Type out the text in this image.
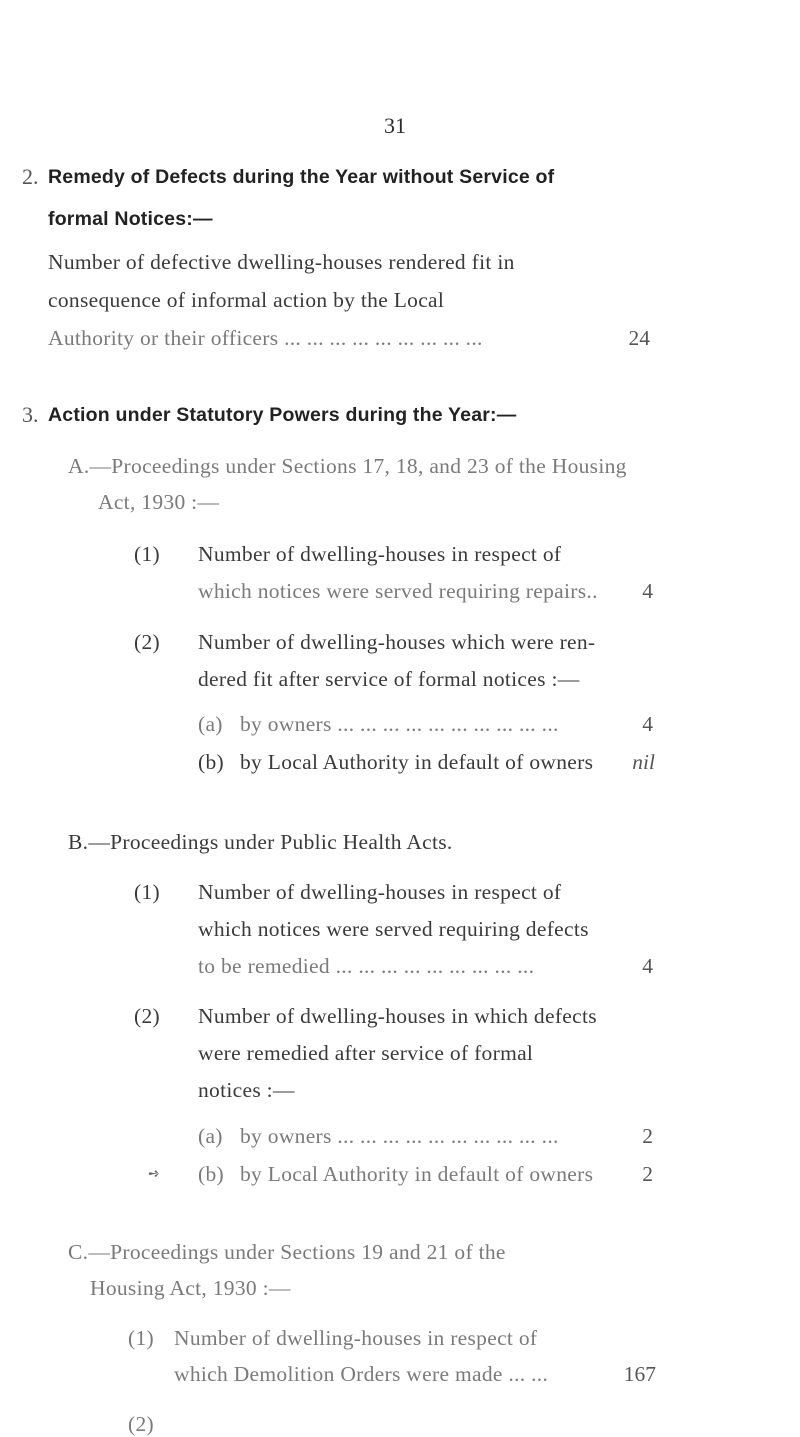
31
2. Remedy of Defects during the Year without Service of
formal Notices:—
Number of defective dwelling-houses rendered fit in
consequence of informal action by the Local
Authority or their officers ... ... ... ... ... ... ... ... ...	24
3. Action under Statutory Powers during the Year:—
A.—Proceedings under Sections 17, 18, and 23 of the Housing
Act, 1930 :—
(1) Number of dwelling-houses in respect of
which notices were served requiring repairs.. 4
(2) Number of dwelling-houses which were ren-
dered fit after service of formal notices :—
(a) by owners ... ... ... ... ... ... ... ... ... ...	4
(b) by Local Authority in default of owners nil
B.—Proceedings under Public Health Acts.
(1) Number of dwelling-houses in respect of
which notices were served requiring defects
to be remedied ... ... ... ... ... ... ... ... ...	4
(2) Number of dwelling-houses in which defects
were remedied after service of formal
notices :—
(a) by owners ... ... ... ... ... ... ... ... ... ...	2
➺ (b) by Local Authority in default of owners 2
C.—Proceedings under Sections 19 and 21 of the
Housing Act, 1930 :—
(1) Number of dwelling-houses in respect of
which Demolition Orders were made ... ...	167
(2)
